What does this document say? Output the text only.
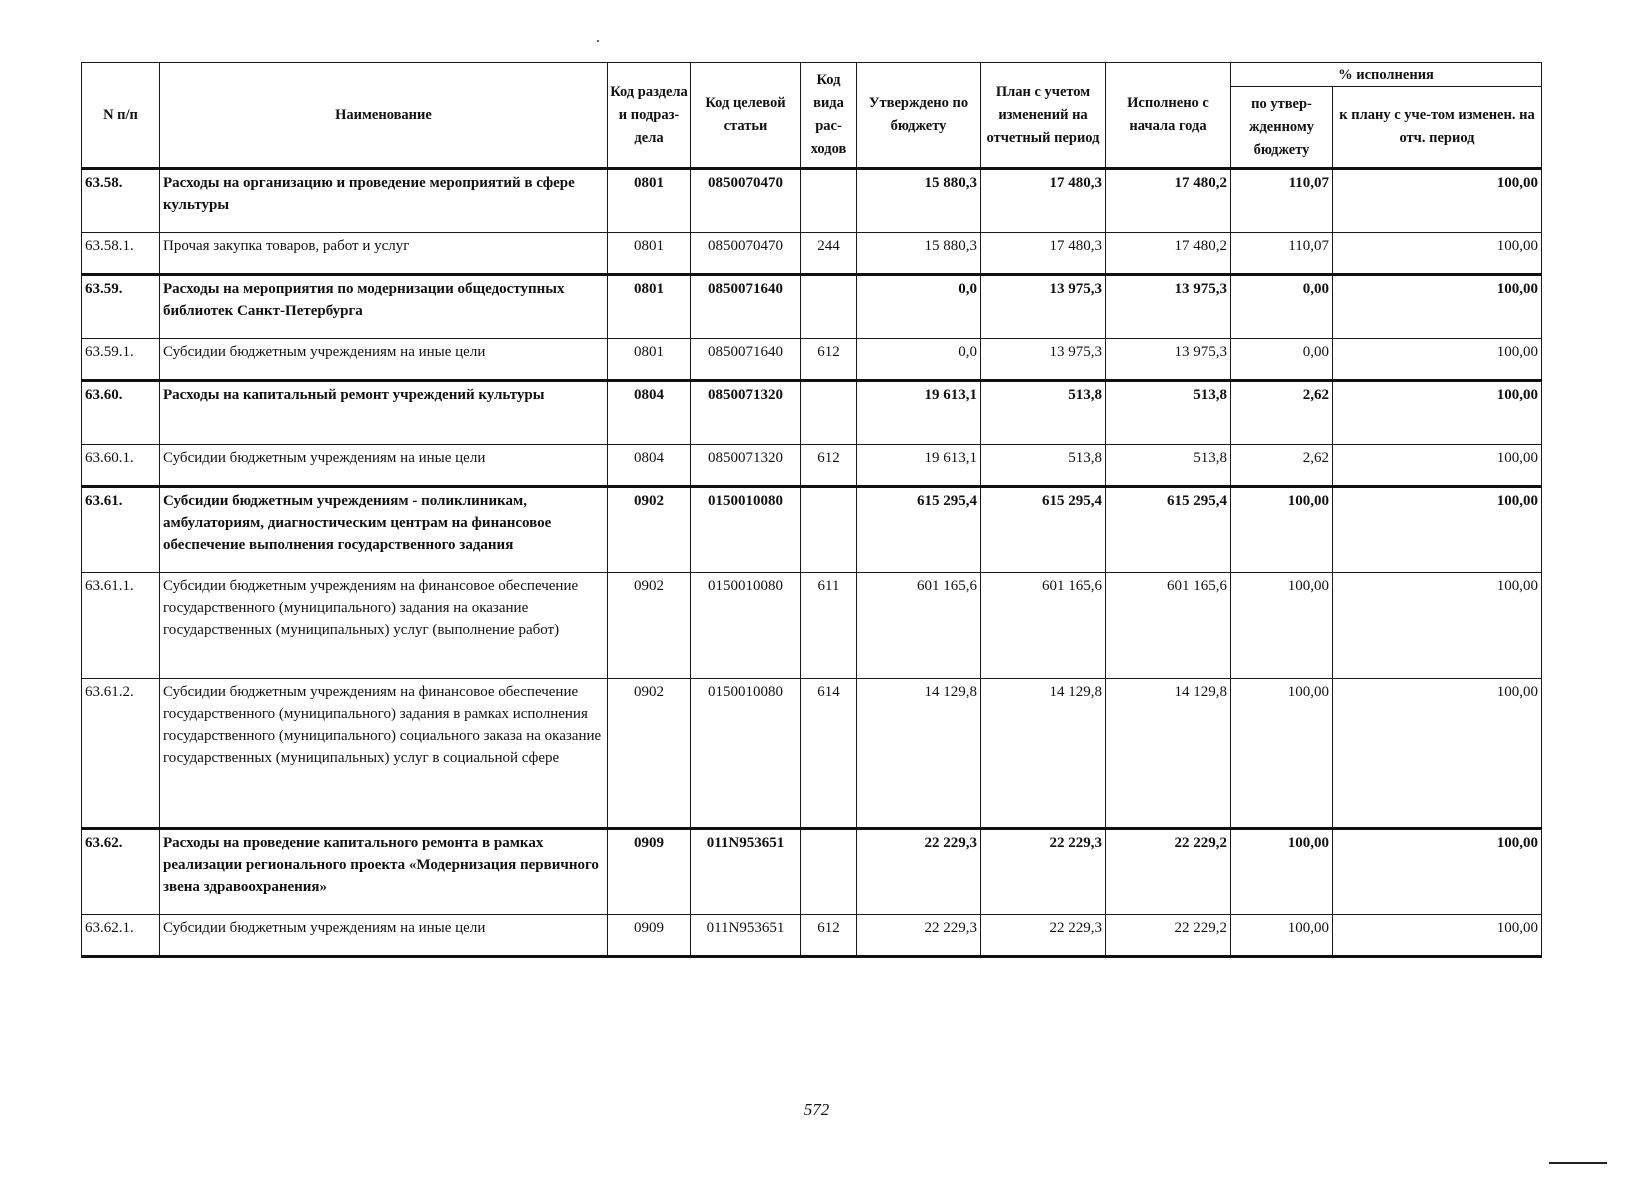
N п/п	Наименование	Код раздела и подраз-дела	Код целевой статьи	Код вида рас-ходов	Утверждено по бюджету	План с учетом изменений на отчетный период	Исполнено с начала года	% исполнения	
								по утвер-жденному бюджету	к плану с уче-том изменен. на отч. период
63.58.	Расходы на организацию и проведение мероприятий в сфере культуры	0801	0850070470		15 880,3	17 480,3	17 480,2	110,07	100,00
63.58.1.	Прочая закупка товаров, работ и услуг	0801	0850070470	244	15 880,3	17 480,3	17 480,2	110,07	100,00
63.59.	Расходы на мероприятия по модернизации общедоступных библиотек Санкт-Петербурга	0801	0850071640		0,0	13 975,3	13 975,3	0,00	100,00
63.59.1.	Субсидии бюджетным учреждениям на иные цели	0801	0850071640	612	0,0	13 975,3	13 975,3	0,00	100,00
63.60.	Расходы на капитальный ремонт учреждений культуры	0804	0850071320		19 613,1	513,8	513,8	2,62	100,00
63.60.1.	Субсидии бюджетным учреждениям на иные цели	0804	0850071320	612	19 613,1	513,8	513,8	2,62	100,00
63.61.	Субсидии бюджетным учреждениям - поликлиникам, амбулаториям, диагностическим центрам на финансовое обеспечение выполнения государственного задания	0902	0150010080		615 295,4	615 295,4	615 295,4	100,00	100,00
63.61.1.	Субсидии бюджетным учреждениям на финансовое обеспечение государственного (муниципального) задания на оказание государственных (муниципальных) услуг (выполнение работ)	0902	0150010080	611	601 165,6	601 165,6	601 165,6	100,00	100,00
63.61.2.	Субсидии бюджетным учреждениям на финансовое обеспечение государственного (муниципального) задания в рамках исполнения государственного (муниципального) социального заказа на оказание государственных (муниципальных) услуг в социальной сфере	0902	0150010080	614	14 129,8	14 129,8	14 129,8	100,00	100,00
63.62.	Расходы на проведение капитального ремонта в рамках реализации регионального проекта «Модернизация первичного звена здравоохранения»	0909	011N953651		22 229,3	22 229,3	22 229,2	100,00	100,00
63.62.1.	Субсидии бюджетным учреждениям на иные цели	0909	011N953651	612	22 229,3	22 229,3	22 229,2	100,00	100,00
572
